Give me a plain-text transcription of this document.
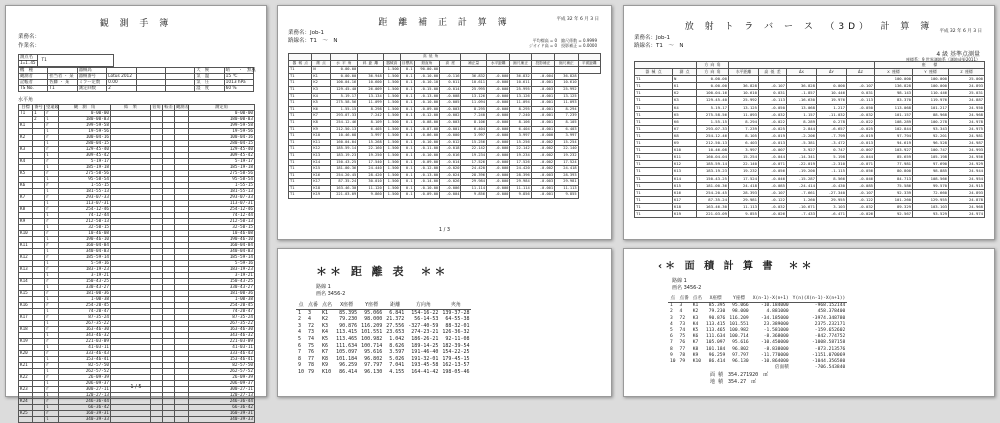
観 測 手 簿
業務名：
作業名：
測点名	T1
I=1.45
機　種		器械高				天　候	晴　　・　無風
観測者	担当者 ・ 某	器械番号	Lotus 2012			気　温	15 ℃
記帳者	佐藤 ・ 某	ミラー定数	0.00			気　圧	1013 hPa
TS No.	T1	測定回数	2			湿　度	60 %
水平角
目標	番号	望遠鏡	観　測　角	結　果	倍角	較差	観測差	測定角
T1	1	r	0-00-00					0-00-00
	2	l	180-00-03					180-00-03
K1		r	199-59-58					199-59-58
		l	19-59-56					19-59-56
K2		r	100-04-16					100-04-16
		l	280-04-15					280-04-15
K3		r	129-45-40					129-45-40
		l	309-45-42					309-45-42
K4		r	5-19-17					5-19-17
		l	185-19-18					185-19-18
K5		r	275-58-56					275-58-56
		l	95-58-54					95-58-54
K6		r	1-55-15					1-55-15
		l	181-55-13					181-55-13
K7		r	293-07-33					293-07-33
		l	113-07-31					113-07-31
K8		r	254-12-46					254-12-46
		l	74-12-44					74-12-44
K9		r	212-50-13					212-50-13
		l	32-50-15					32-50-15
K10		r	10-46-08					10-46-08
		l	190-46-10					190-46-10
K11		r	160-04-04					160-04-04
		l	340-04-03					340-04-03
K12		r	185-59-14					185-59-14
		l	5-59-16					5-59-16
K13		r	183-19-23					183-19-23
		l	3-19-21					3-19-21
K14		r	150-43-25					150-43-25
		l	330-43-27					330-43-27
K15		r	181-00-36					181-00-36
		l	1-00-38					1-00-38
K16		r	254-20-45					254-20-45
		l	74-20-47					74-20-47
K17		r	87-35-24					87-35-24
		l	267-35-22					267-35-22
K18		r	163-46-30					163-46-30
		l	343-46-32					343-46-32
K19		r	221-03-09					221-03-09
		l	41-03-11					41-03-11
K20		r	333-46-43					333-46-43
		l	153-46-41					153-46-41
K21		r	82-57-50					82-57-50
		l	262-57-52					262-57-52
K22		r	26-09-39					26-09-39
		l	206-09-37					206-09-37
K23		r	300-27-11					300-27-11
		l	120-27-13					120-27-13
K24		r	246-36-44					246-36-44
		l	66-36-42					66-36-42
K25		r	160-39-31					160-39-31
		l	340-39-33					340-39-33
1 / 5
平成 32 年 6 月 3 日
距 離 補 正 計 算 簿
業務名：Job-1
路線名：T1　～　N	平均標高 = 0　 縮尺係数 = 0.9999
ジオイド高 = 0　 投影補正 = 0.0000
					高 低 角								
器 械 点	測 点	水 平 角	斜 距 離	器械高	目標高	鉛直角	高 度	補正量	水平距離	縮尺補正	投影補正	縮尺補正	平面距離
T1	N	0-00-00		1.500	0.1	90-00-00							
T1	K1	0-00-00	36.948	1.500	0.1	-0-10-00	-0.116	36.832	-0.000	36.832	-0.004	36.828	
T1	K2	100-04-16	10.600	1.500	0.1	-0-10-10	0.011	10.611	-0.000	10.611	-0.001	10.610	
T1	K3	129-45-40	26.009	1.500	0.1	-0-15-00	-0.014	25.995	-0.000	25.995	-0.003	25.992	
T1	K4	5-19-17	13.134	1.500	0.1	-0-13-00	-0.008	13.126	-0.000	13.126	-0.001	13.125	
T1	K5	275-58-56	11.099	1.500	0.1	-0-10-00	-0.005	11.094	-0.000	11.094	-0.001	11.093	
T1	K6	1-55-15	8.298	1.500	0.1	-0-09-00	-0.003	8.295	-0.000	8.295	-0.001	8.294	
T1	K7	293-07-33	7.242	1.500	0.1	-0-12-00	-0.002	7.240	-0.000	7.240	-0.001	7.239	
T1	K8	254-12-46	8.109	1.500	0.1	-0-08-00	-0.003	8.106	-0.000	8.106	-0.001	8.105	
T1	K9	212-50-13	6.405	1.500	0.1	-0-07-00	-0.001	6.404	-0.000	6.404	-0.001	6.403	
T1	K10	10-46-08	3.997	1.500	0.1	-0-06-00	-0.000	3.997	-0.000	3.997	-0.000	3.997	
T1	K11	160-04-04	15.268	1.500	0.1	-0-10-00	-0.012	15.256	-0.000	15.256	-0.002	15.254	
T1	K12	185-59-14	22.160	1.500	0.1	-0-11-00	-0.018	22.142	-0.000	22.142	-0.002	22.140	
T1	K13	183-19-23	19.250	1.500	0.1	-0-10-00	-0.016	19.234	-0.000	19.234	-0.002	19.232	
T1	K14	150-43-25	17.540	1.500	0.1	-0-09-00	-0.014	17.526	-0.000	17.526	-0.002	17.524	
T1	K15	181-00-36	24.440	1.500	0.1	-0-12-00	-0.020	24.420	-0.000	24.420	-0.002	24.418	
T1	K16	254-20-45	28.420	1.500	0.1	-0-13-00	-0.024	28.396	-0.000	28.396	-0.003	28.393	
T1	K17	87-35-24	30.010	1.500	0.1	-0-14-00	-0.026	29.984	-0.000	29.984	-0.003	29.981	
T1	K18	163-46-30	11.120	1.500	0.1	-0-10-00	-0.006	11.114	-0.000	11.114	-0.001	11.113	
T1	K19	221-03-09	9.860	1.500	0.1	-0-09-00	-0.004	9.856	-0.000	9.856	-0.001	9.855	
1 / 3
＊＊ 距 離 表　＊＊
路線 1
画名 3456-2
点	点番	点名	X座標	Y座標	距離	方向角	夾角
1	3	K1	85.395	95.066	6.841	154-16-22	139-37-28
2	4	K2	79.230	98.000	21.372	56-14-53	64-55-38
3	72	K3	90.876	116.209	27.556	-327-40-59	88-32-01
4	73	K4	113.415	101.551	23.653	274-23-21	126-36-32
5	74	K5	113.465	100.982	1.042	186-26-21	92-11-08
6	75	K6	111.634	100.714	8.626	189-14-25	182-39-54
7	76	K7	105.097	95.616	3.597	191-46-40	154-22-25
8	77	K8	101.184	96.802	5.026	191-32-01	179-45-15
9	78	K9	96.259	97.797	7.041	193-45-58	162-13-57
10	79	K10	86.414	96.130	4.155	164-41-42	198-05-46
平成 32 年 6 月 3 日
放 射 ト ラ バ ー ス　（3D）　計 算 簿
業務名：Job-1
路線名：T1　～　N
4 級 基準点測量
座標系：9 世界測地系（測地成果2011）
		方 向 角						座　　標		
器 械 点	測 点	方 向 角	水平距離	高 低 差	ΔX	ΔY	ΔZ	X 座標	Y 座標	Z 座標
T1	N	0-00-00						100.000	100.000	25.000
T1	K1	0-00-00	36.828	-0.107	36.828	0.000	-0.107	136.828	100.000	24.893
T1	K2	100-04-16	10.610	0.031	-1.857	10.446	0.031	98.143	110.446	25.031
T1	K3	129-45-40	25.992	-0.113	-16.630	19.976	-0.113	83.370	119.976	24.887
T1	K4	5-19-17	13.125	-0.050	13.068	1.217	-0.050	113.068	101.217	24.950
T1	K5	275-58-56	11.093	-0.032	1.157	-11.032	-0.032	101.157	88.968	24.968
T1	K6	1-55-15	8.294	-0.022	8.289	0.278	-0.022	108.289	100.278	24.978
T1	K7	293-07-33	7.239	-0.025	2.844	-6.657	-0.025	102.844	93.343	24.975
T1	K8	254-12-46	8.105	-0.019	-2.206	-7.799	-0.019	97.794	92.201	24.981
T1	K9	212-50-13	6.403	-0.013	-5.381	-3.472	-0.013	94.619	96.528	24.987
T1	K10	10-46-08	3.997	-0.007	3.927	0.747	-0.007	103.927	100.747	24.993
T1	K11	160-04-04	15.254	-0.044	-14.341	5.198	-0.044	85.659	105.198	24.956
T1	K12	185-59-14	22.140	-0.071	-22.019	-2.310	-0.071	77.981	97.690	24.929
T1	K13	183-19-23	19.232	-0.056	-19.200	-1.115	-0.056	80.800	98.885	24.944
T1	K14	150-43-25	17.524	-0.046	-15.287	8.566	-0.046	84.713	108.566	24.954
T1	K15	181-00-36	24.418	-0.085	-24.414	-0.430	-0.085	75.586	99.570	24.915
T1	K16	254-20-45	28.393	-0.107	-7.661	-27.340	-0.107	92.339	72.660	24.893
T1	K17	87-35-24	29.981	-0.122	1.260	29.955	-0.122	101.260	129.955	24.878
T1	K18	163-46-30	11.113	-0.032	-10.671	3.103	-0.032	89.329	103.103	24.968
T1	K19	221-03-09	9.855	-0.026	-7.433	-6.471	-0.026	92.567	93.529	24.974
‹＊ 面 積 計 算 書　＊＊
路線 1
画名 3456-2
点	点番	点名	X座標	Y座標	X(n-1)-X(n+1)	Y(n)(X(n-1)-X(n+1))
1	3	K1	85.395	95.066	-10.184000	-968.152144
2	4	K2	79.230	98.000	4.881000	458.378400
3	72	K3	90.876	116.209	-34.185000	-3974.348780
4	73	K4	113.415	101.551	23.389000	2375.232171
5	74	K5	113.465	100.982	-1.581000	-159.652602
6	75	K6	111.634	100.714	-8.368000	-842.774752
7	76	K7	105.097	95.616	-10.450000	-1008.587158
8	77	K8	101.184	96.802	-8.838000	-873.213576
9	78	K9	96.259	97.797	-11.770000	-1151.070069
10	79	K10	86.414	96.130	-10.864000	-1044.356580
倍面積						-706.543840
面 積　 354.271920　 ㎡
地 積　 354.27　 ㎡
